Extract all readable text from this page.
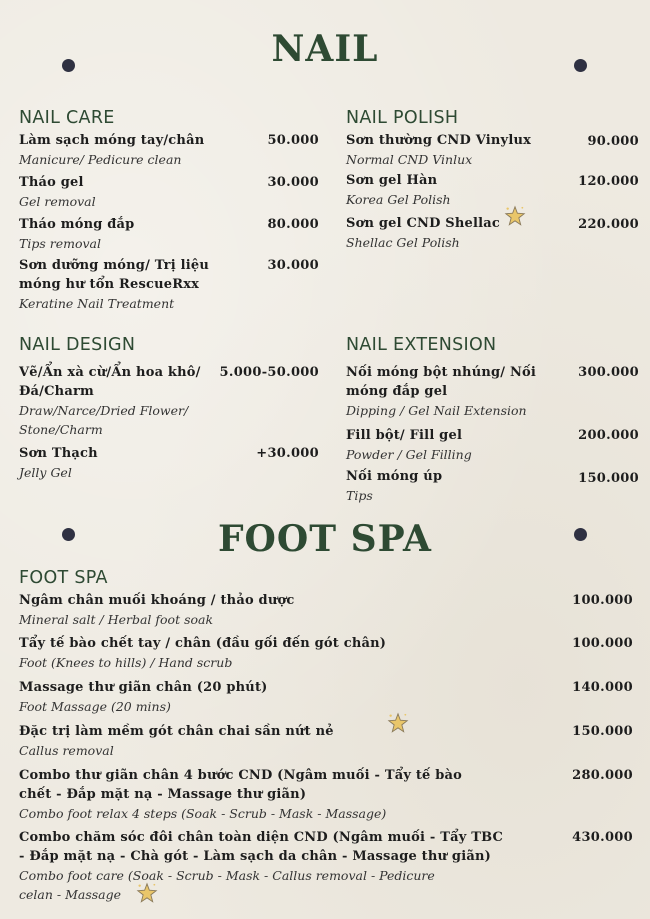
NAIL
NAIL CARE
Làm sạch móng tay/chân
Manicure/ Pedicure clean
50.000
Tháo gel
Gel removal
30.000
Tháo móng đắp
Tips removal
80.000
Sơn dưỡng móng/ Trị liệu
móng hư tổn RescueRxx
Keratine Nail Treatment
30.000
NAIL POLISH
Sơn thường CND Vinylux
Normal CND Vinlux
90.000
Sơn gel Hàn
Korea Gel Polish
120.000
Sơn gel CND Shellac
Shellac Gel Polish
220.000
NAIL DESIGN
Vẽ/Ẩn xà cừ/Ẩn hoa khô/
Đá/Charm
Draw/Narce/Dried Flower/
Stone/Charm
5.000-50.000
Sơn Thạch
Jelly Gel
+30.000
NAIL EXTENSION
Nối móng bột nhúng/ Nối
móng đắp gel
Dipping / Gel Nail Extension
300.000
Fill bột/ Fill gel
Powder / Gel Filling
200.000
Nối móng úp
Tips
150.000
FOOT SPA
FOOT SPA
Ngâm chân muối khoáng / thảo dược
Mineral salt / Herbal foot soak
100.000
Tẩy tế bào chết tay / chân (đầu gối đến gót chân)
Foot (Knees to hills) / Hand scrub
100.000
Massage thư giãn chân (20 phút)
Foot Massage (20 mins)
140.000
Đặc trị làm mềm gót chân chai sần nứt nẻ
Callus removal
150.000
Combo thư giãn chân 4 bước CND (Ngâm muối - Tẩy tế bào
chết - Đắp mặt nạ - Massage thư giãn)
Combo foot relax 4 steps (Soak - Scrub - Mask - Massage)
280.000
Combo chăm sóc đôi chân toàn diện CND (Ngâm muối - Tẩy TBC
- Đắp mặt nạ - Chà gót - Làm sạch da chân - Massage thư giãn)
Combo foot care (Soak - Scrub - Mask - Callus removal - Pedicure
celan - Massage
430.000
